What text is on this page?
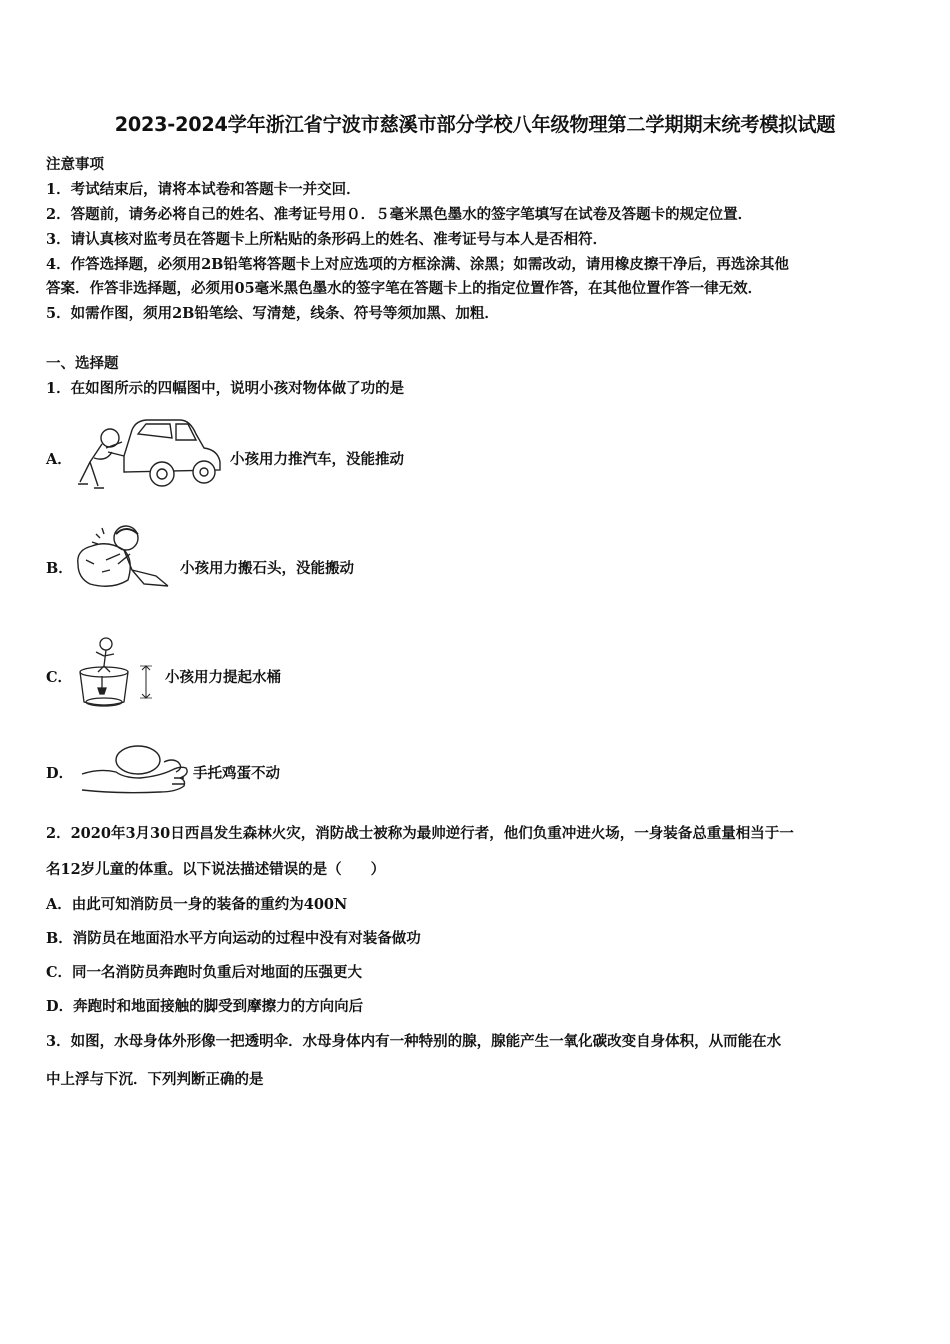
2023-2024学年浙江省宁波市慈溪市部分学校八年级物理第二学期期末统考模拟试题
注意事项
1．考试结束后，请将本试卷和答题卡一并交回．
2．答题前，请务必将自己的姓名、准考证号用０．５毫米黑色墨水的签字笔填写在试卷及答题卡的规定位置．
3．请认真核对监考员在答题卡上所粘贴的条形码上的姓名、准考证号与本人是否相符．
4．作答选择题，必须用2B铅笔将答题卡上对应选项的方框涂满、涂黑；如需改动，请用橡皮擦干净后，再选涂其他
答案．作答非选择题，必须用05毫米黑色墨水的签字笔在答题卡上的指定位置作答，在其他位置作答一律无效．
5．如需作图，须用2B铅笔绘、写清楚，线条、符号等须加黑、加粗．
一、选择题
1．在如图所示的四幅图中，说明小孩对物体做了功的是
A．	小孩用力推汽车，没能推动
B．	小孩用力搬石头，没能搬动
C．	小孩用力提起水桶
D．	手托鸡蛋不动
2．2020年3月30日西昌发生森林火灾，消防战士被称为最帅逆行者，他们负重冲进火场，一身装备总重量相当于一
名12岁儿童的体重。以下说法描述错误的是（　　）
A．由此可知消防员一身的装备的重约为400N
B．消防员在地面沿水平方向运动的过程中没有对装备做功
C．同一名消防员奔跑时负重后对地面的压强更大
D．奔跑时和地面接触的脚受到摩擦力的方向向后
3．如图，水母身体外形像一把透明伞．水母身体内有一种特别的腺，腺能产生一氧化碳改变自身体积，从而能在水
中上浮与下沉．下列判断正确的是
